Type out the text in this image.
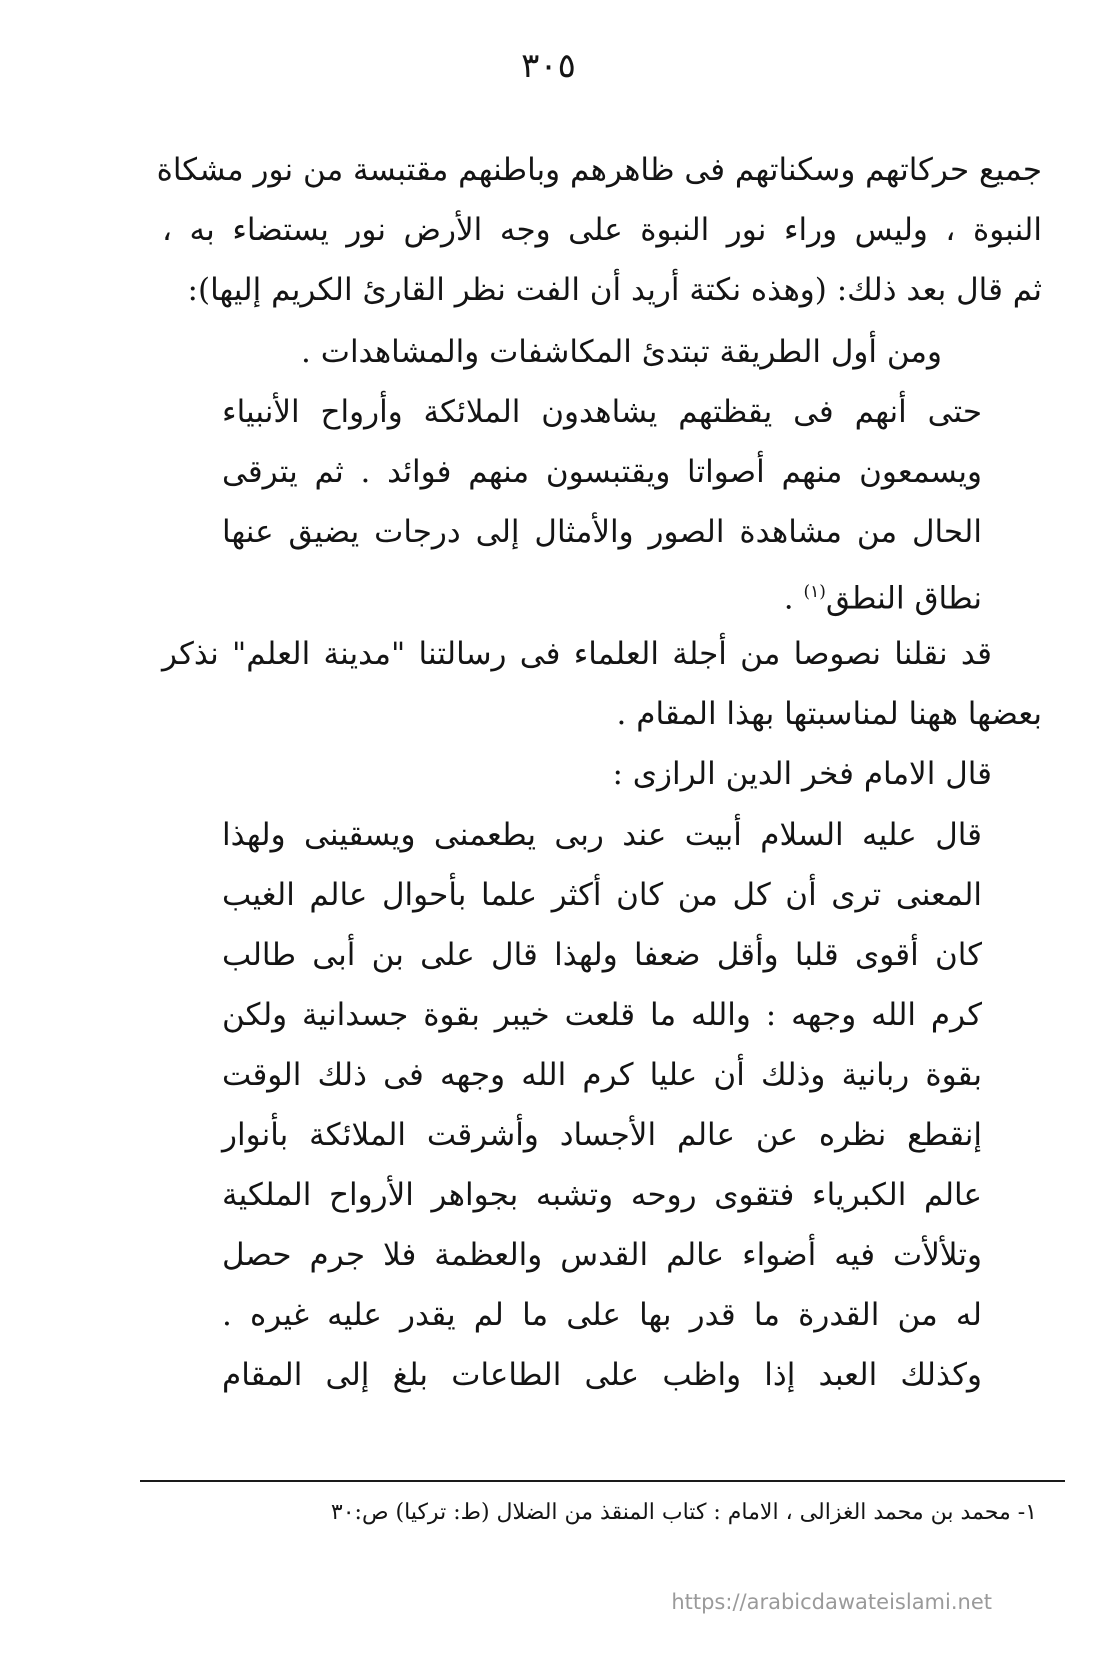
٣٠٥
جميع حركاتهم وسكناتهم فى ظاهرهم وباطنهم مقتبسة من نور مشكاة
النبوة ، وليس وراء نور النبوة على وجه الأرض نور يستضاء به ،
ثم قال بعد ذلك: (وهذه نكتة أريد أن الفت نظر القارئ الكريم إليها):
ومن أول الطريقة تبتدئ المكاشفات والمشاهدات .
حتى أنهم فى يقظتهم يشاهدون الملائكة وأرواح الأنبياء
ويسمعون منهم أصواتا ويقتبسون منهم فوائد . ثم يترقى
الحال من مشاهدة الصور والأمثال إلى درجات يضيق عنها
نطاق النطق$^{(١)}$ .
قد نقلنا نصوصا من أجلة العلماء فى رسالتنا "مدينة العلم" نذكر
بعضها ههنا لمناسبتها بهذا المقام .
قال الامام فخر الدين الرازى :
قال عليه السلام أبيت عند ربى يطعمنى ويسقينى ولهذا
المعنى ترى أن كل من كان أكثر علما بأحوال عالم الغيب
كان أقوى قلبا وأقل ضعفا ولهذا قال على بن أبى طالب
كرم الله وجهه : والله ما قلعت خيبر بقوة جسدانية ولكن
بقوة ربانية وذلك أن عليا كرم الله وجهه فى ذلك الوقت
إنقطع نظره عن عالم الأجساد وأشرقت الملائكة بأنوار
عالم الكبرياء فتقوى روحه وتشبه بجواهر الأرواح الملكية
وتلألأت فيه أضواء عالم القدس والعظمة فلا جرم حصل
له من القدرة ما قدر بها على ما لم يقدر عليه غيره .
وكذلك العبد إذا واظب على الطاعات بلغ إلى المقام
١- محمد بن محمد الغزالى ، الامام : كتاب المنقذ من الضلال (ط: تركيا) ص:٣٠
https://arabicdawateislami.net
